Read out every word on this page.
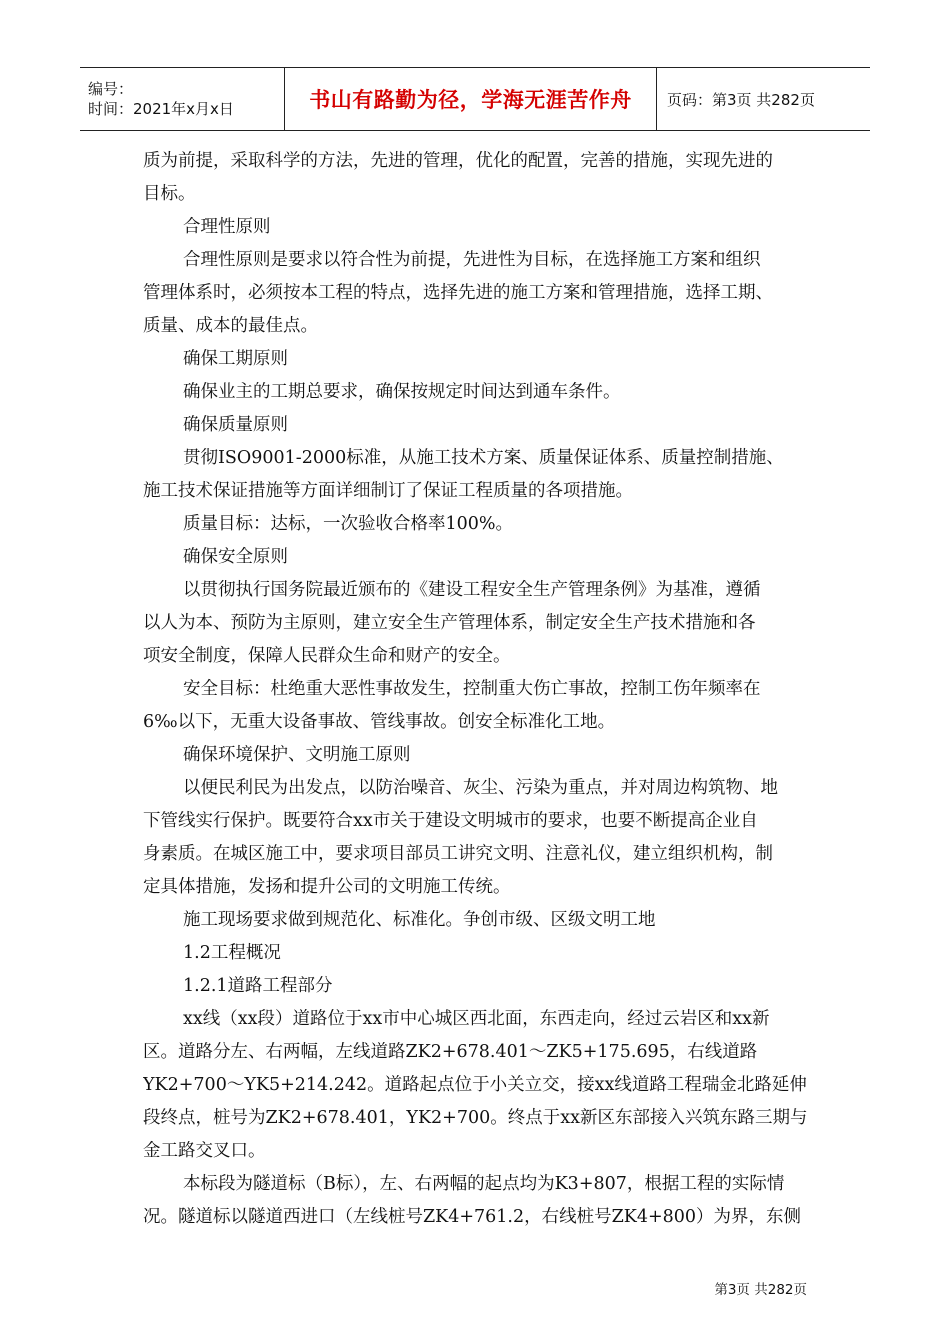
编号：
时间：2021年x月x日	书山有路勤为径，学海无涯苦作舟 页码：第3页 共282页
质为前提，采取科学的方法，先进的管理，优化的配置，完善的措施，实现先进的
目标。
合理性原则
合理性原则是要求以符合性为前提，先进性为目标，在选择施工方案和组织
管理体系时，必须按本工程的特点，选择先进的施工方案和管理措施，选择工期、
质量、成本的最佳点。
确保工期原则
确保业主的工期总要求，确保按规定时间达到通车条件。
确保质量原则
贯彻ISO9001-2000标准，从施工技术方案、质量保证体系、质量控制措施、
施工技术保证措施等方面详细制订了保证工程质量的各项措施。
质量目标：达标，一次验收合格率100%。
确保安全原则
以贯彻执行国务院最近颁布的《建设工程安全生产管理条例》为基准，遵循
以人为本、预防为主原则，建立安全生产管理体系，制定安全生产技术措施和各
项安全制度，保障人民群众生命和财产的安全。
安全目标：杜绝重大恶性事故发生，控制重大伤亡事故，控制工伤年频率在
6‰以下，无重大设备事故、管线事故。创安全标准化工地。
确保环境保护、文明施工原则
以便民利民为出发点，以防治噪音、灰尘、污染为重点，并对周边构筑物、地
下管线实行保护。既要符合xx市关于建设文明城市的要求，也要不断提高企业自
身素质。在城区施工中，要求项目部员工讲究文明、注意礼仪，建立组织机构，制
定具体措施，发扬和提升公司的文明施工传统。
施工现场要求做到规范化、标准化。争创市级、区级文明工地
1.2工程概况
1.2.1道路工程部分
xx线（xx段）道路位于xx市中心城区西北面，东西走向，经过云岩区和xx新
区。道路分左、右两幅，左线道路ZK2+678.401～ZK5+175.695，右线道路
YK2+700～YK5+214.242。道路起点位于小关立交，接xx线道路工程瑞金北路延伸
段终点，桩号为ZK2+678.401，YK2+700。终点于xx新区东部接入兴筑东路三期与
金工路交叉口。
本标段为隧道标（B标），左、右两幅的起点均为K3+807，根据工程的实际情
况。隧道标以隧道西进口（左线桩号ZK4+761.2，右线桩号ZK4+800）为界，东侧
第3页 共282页
